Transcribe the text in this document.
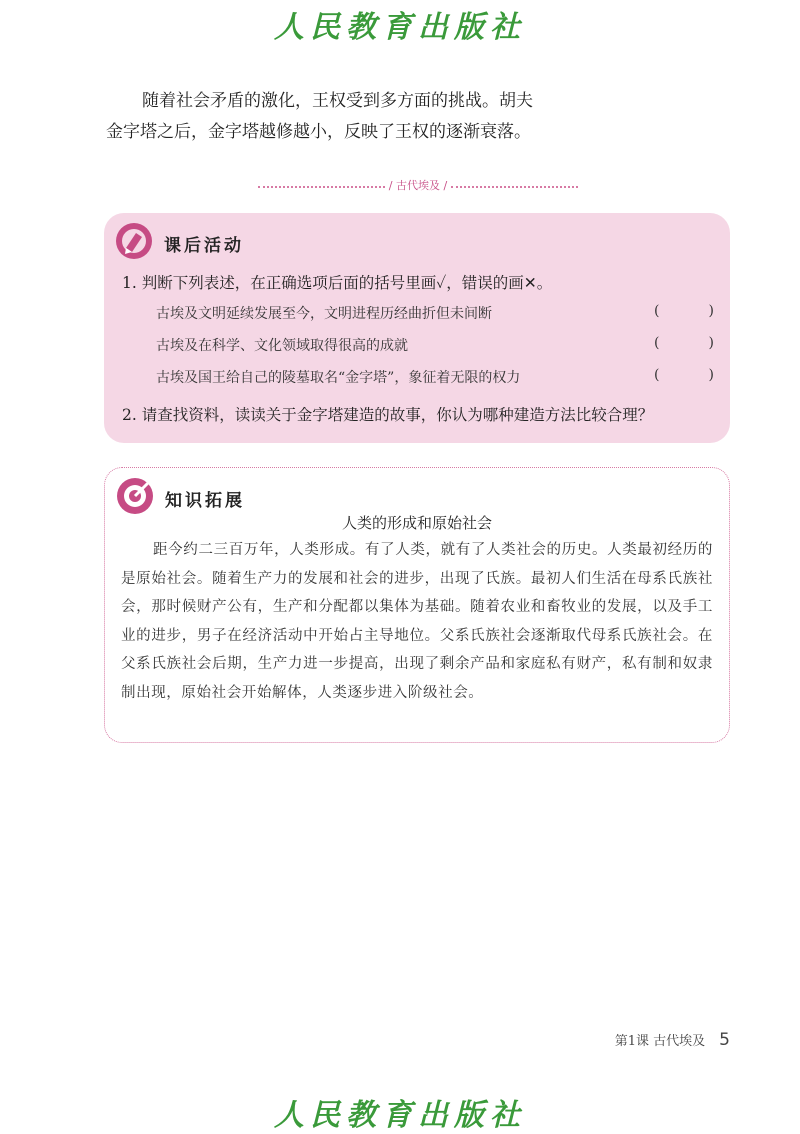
人民教育出版社

随着社会矛盾的激化，王权受到多方面的挑战。胡夫
金字塔之后，金字塔越修越小，反映了王权的逐渐衰落。

/ 古代埃及 /
课后活动
1. 判断下列表述，在正确选项后面的括号里画✓，错误的画✕。
古埃及文明延续发展至今，文明进程历经曲折但未间断	(	)
古埃及在科学、文化领域取得很高的成就	(	)
古埃及国王给自己的陵墓取名“金字塔”，象征着无限的权力	(	)
2. 请查找资料，读读关于金字塔建造的故事，你认为哪种建造方法比较合理？
知识拓展
人类的形成和原始社会

距今约二三百万年，人类形成。有了人类，就有了人类社会的历史。人类最初经历的是原始社会。随着生产力的发展和社会的进步，出现了氏族。最初人们生活在母系氏族社会，那时候财产公有，生产和分配都以集体为基础。随着农业和畜牧业的发展，以及手工业的进步，男子在经济活动中开始占主导地位。父系氏族社会逐渐取代母系氏族社会。在父系氏族社会后期，生产力进一步提高，出现了剩余产品和家庭私有财产，私有制和奴隶制出现，原始社会开始解体，人类逐步进入阶级社会。

第1课 古代埃及 5
人民教育出版社
